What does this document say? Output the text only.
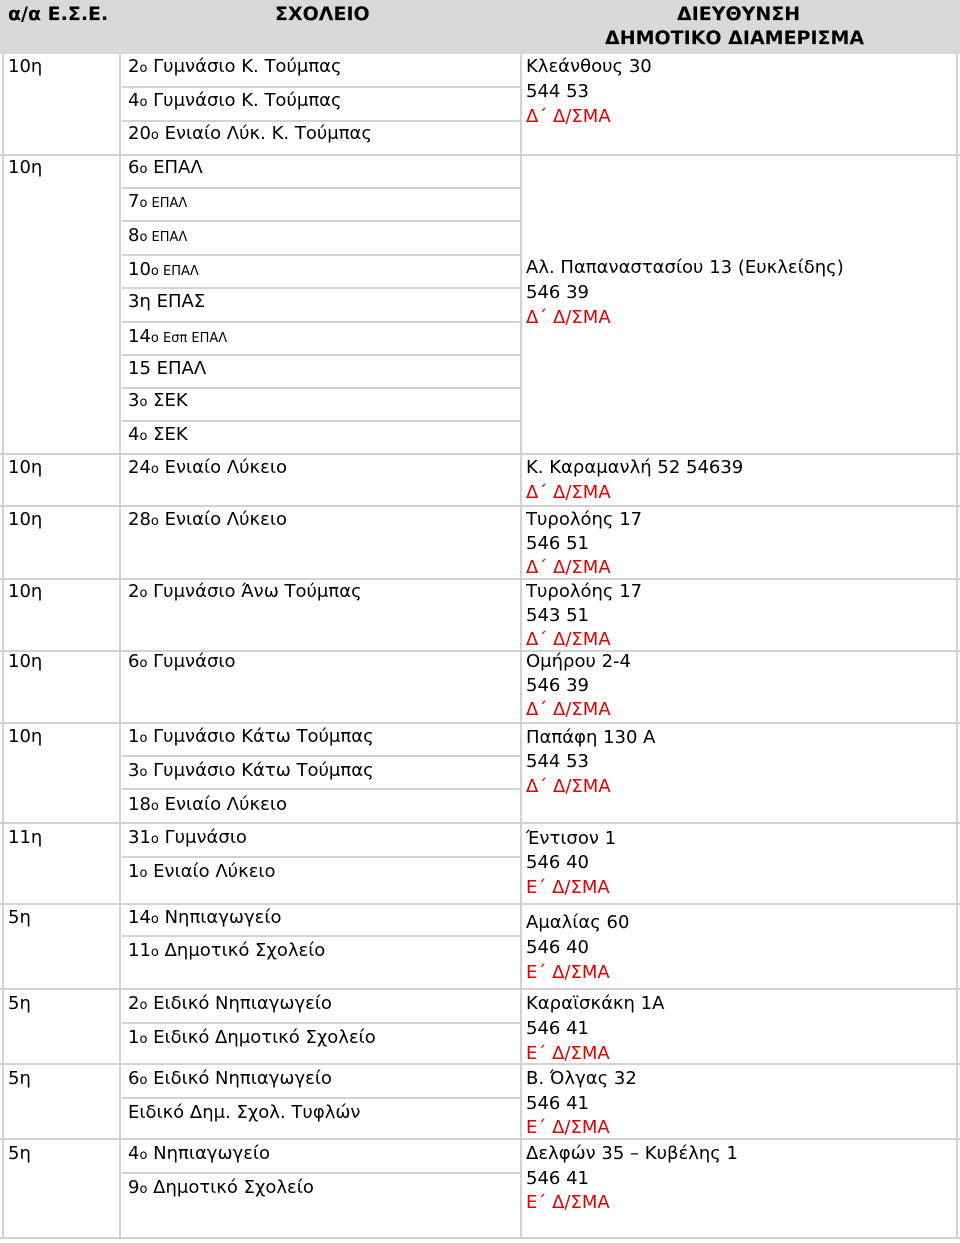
α/α Ε.Σ.Ε.	ΣΧΟΛΕΙΟ	ΔΙΕΥΘΥΝΣΗ
ΔΗΜΟΤΙΚΟ ΔΙΑΜΕΡΙΣΜΑ
10η
10η
10η
10η
10η
10η
10η
11η
5η
5η
5η
5η
2ο Γυμνάσιο Κ. Τούμπας
4ο Γυμνάσιο Κ. Τούμπας
20ο Ενιαίο Λύκ. Κ. Τούμπας
6ο ΕΠΑΛ
7ο ΕΠΑΛ
8ο ΕΠΑΛ
10ο ΕΠΑΛ
3η ΕΠΑΣ
14ο Εσπ ΕΠΑΛ
15 ΕΠΑΛ
3ο ΣΕΚ
4ο ΣΕΚ
24ο Ενιαίο Λύκειο
28ο Ενιαίο Λύκειο
2ο Γυμνάσιο Άνω Τούμπας
6ο Γυμνάσιο
1ο Γυμνάσιο Κάτω Τούμπας
3ο Γυμνάσιο Κάτω Τούμπας
18ο Ενιαίο Λύκειο
31ο Γυμνάσιο
1ο Ενιαίο Λύκειο
14ο Νηπιαγωγείο
11ο Δημοτικό Σχολείο
2ο Ειδικό Νηπιαγωγείο
1ο Ειδικό Δημοτικό Σχολείο
6ο Ειδικό Νηπιαγωγείο
Ειδικό Δημ. Σχολ. Τυφλών
4ο Νηπιαγωγείο
9ο Δημοτικό Σχολείο
Κλεάνθους 30
544 53
Δ΄ Δ/ΣΜΑ
Αλ. Παπαναστασίου 13 (Ευκλείδης)
546 39
Δ΄ Δ/ΣΜΑ
Κ. Καραμανλή 52 54639
Δ΄ Δ/ΣΜΑ
Τυρολόης 17
546 51
Δ΄ Δ/ΣΜΑ
Τυρολόης 17
543 51
Δ΄ Δ/ΣΜΑ
Ομήρου 2-4
546 39
Δ΄ Δ/ΣΜΑ
Παπάφη 130 Α
544 53
Δ΄ Δ/ΣΜΑ
Έντισον 1
546 40
Ε΄ Δ/ΣΜΑ
Αμαλίας 60
546 40
Ε΄ Δ/ΣΜΑ
Καραϊσκάκη 1Α
546 41
Ε΄ Δ/ΣΜΑ
Β. Όλγας 32
546 41
Ε΄ Δ/ΣΜΑ
Δελφών 35 – Κυβέλης 1
546 41
Ε΄ Δ/ΣΜΑ
